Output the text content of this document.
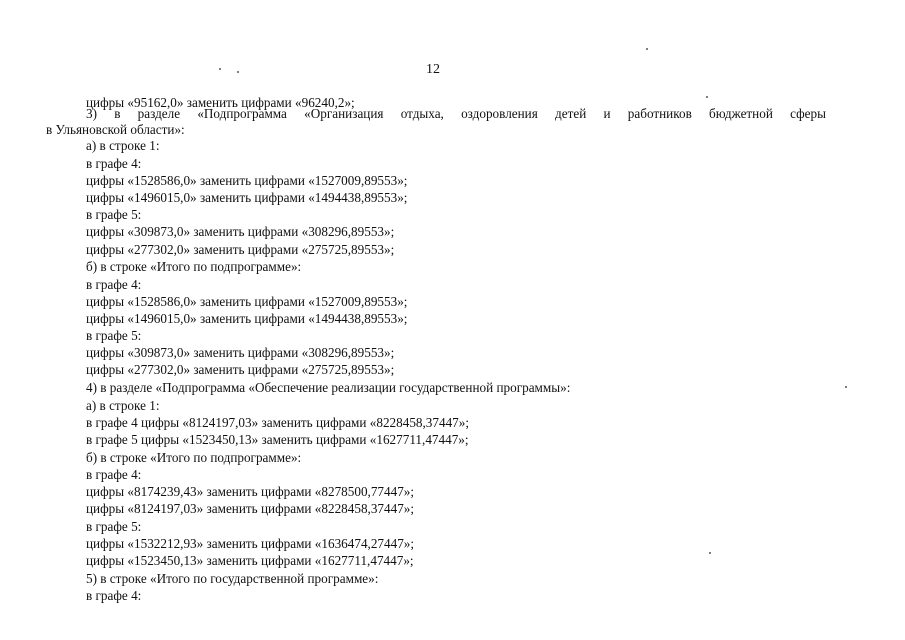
12
цифры «95162,0» заменить цифрами «96240,2»;
3) в разделе «Подпрограмма «Организация отдыха, оздоровления детей и работников бюджетной сферы
в Ульяновской области»:
а) в строке 1:
в графе 4:
цифры «1528586,0» заменить цифрами «1527009,89553»;
цифры «1496015,0» заменить цифрами «1494438,89553»;
в графе 5:
цифры «309873,0» заменить цифрами «308296,89553»;
цифры «277302,0» заменить цифрами «275725,89553»;
б) в строке «Итого по подпрограмме»:
в графе 4:
цифры «1528586,0» заменить цифрами «1527009,89553»;
цифры «1496015,0» заменить цифрами «1494438,89553»;
в графе 5:
цифры «309873,0» заменить цифрами «308296,89553»;
цифры «277302,0» заменить цифрами «275725,89553»;
4) в разделе «Подпрограмма «Обеспечение реализации государственной программы»:
а) в строке 1:
в графе 4 цифры «8124197,03» заменить цифрами «8228458,37447»;
в графе 5 цифры «1523450,13» заменить цифрами «1627711,47447»;
б) в строке «Итого по подпрограмме»:
в графе 4:
цифры «8174239,43» заменить цифрами «8278500,77447»;
цифры «8124197,03» заменить цифрами «8228458,37447»;
в графе 5:
цифры «1532212,93» заменить цифрами «1636474,27447»;
цифры «1523450,13» заменить цифрами «1627711,47447»;
5) в строке «Итого по государственной программе»:
в графе 4:
